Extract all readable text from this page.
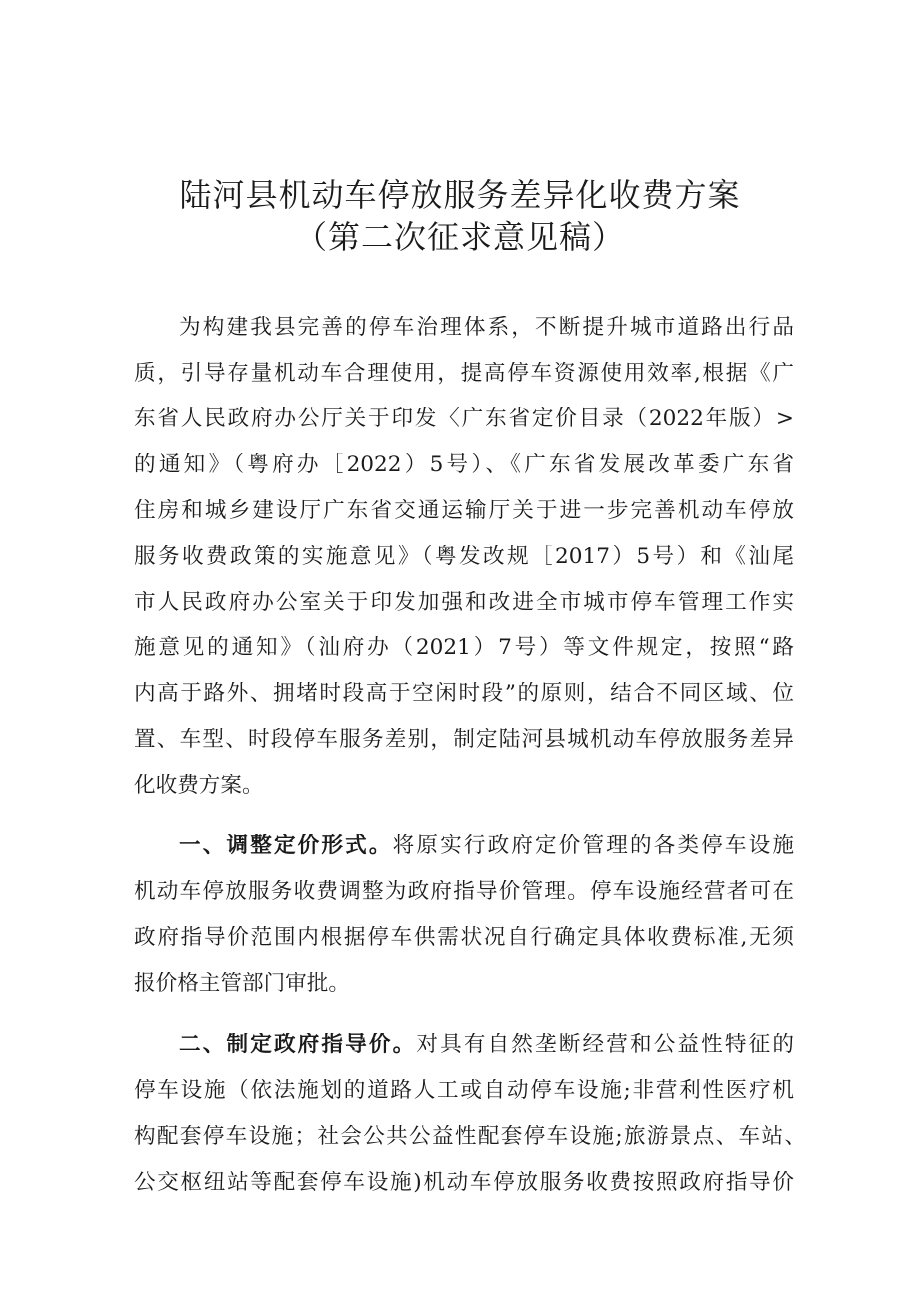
陆河县机动车停放服务差异化收费方案
（第二次征求意见稿）
为构建我县完善的停车治理体系，不断提升城市道路出行品
质，引导存量机动车合理使用，提高停车资源使用效率,根据《广
东省人民政府办公厅关于印发〈广东省定价目录（2022年版）>
的通知》（粤府办［2022）5号）、《广东省发展改革委广东省
住房和城乡建设厅广东省交通运输厅关于进一步完善机动车停放
服务收费政策的实施意见》（粤发改规［2017）5号）和《汕尾
市人民政府办公室关于印发加强和改进全市城市停车管理工作实
施意见的通知》（汕府办（2021）7号）等文件规定，按照“路
内高于路外、拥堵时段高于空闲时段”的原则，结合不同区域、位
置、车型、时段停车服务差别，制定陆河县城机动车停放服务差异
化收费方案。
一、调整定价形式。将原实行政府定价管理的各类停车设施
机动车停放服务收费调整为政府指导价管理。停车设施经营者可在
政府指导价范围内根据停车供需状况自行确定具体收费标准,无须
报价格主管部门审批。
二、制定政府指导价。对具有自然垄断经营和公益性特征的
停车设施（依法施划的道路人工或自动停车设施;非营利性医疗机
构配套停车设施；社会公共公益性配套停车设施;旅游景点、车站、
公交枢纽站等配套停车设施)机动车停放服务收费按照政府指导价
